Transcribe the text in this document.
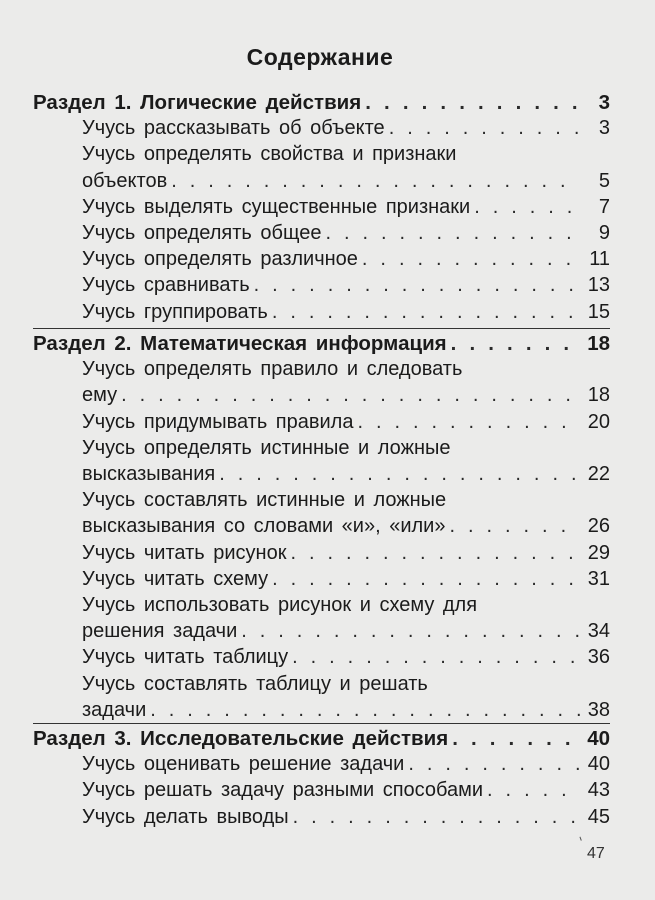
Содержание
Раздел 1. Логические действия . . .	3
Учусь рассказывать об объекте . . .	3
Учусь определять свойства и признаки
объектов . . .	5
Учусь выделять существенные признаки . . .	7
Учусь определять общее . . .	9
Учусь определять различное . . .	11
Учусь сравнивать . . .	13
Учусь группировать . . .	15
Раздел 2. Математическая информация . . .	18
Учусь определять правило и следовать
ему . . .	18
Учусь придумывать правила . . .	20
Учусь определять истинные и ложные
высказывания . . .	22
Учусь составлять истинные и ложные
высказывания со словами «и», «или» . . .	26
Учусь читать рисунок . . .	29
Учусь читать схему . . .	31
Учусь использовать рисунок и схему для
решения задачи . . .	34
Учусь читать таблицу . . .	36
Учусь составлять таблицу и решать
задачи . . .	38
Раздел 3. Исследовательские действия . . .	40
Учусь оценивать решение задачи . . .	40
Учусь решать задачу разными способами . . .	43
Учусь делать выводы . . .	45
47
